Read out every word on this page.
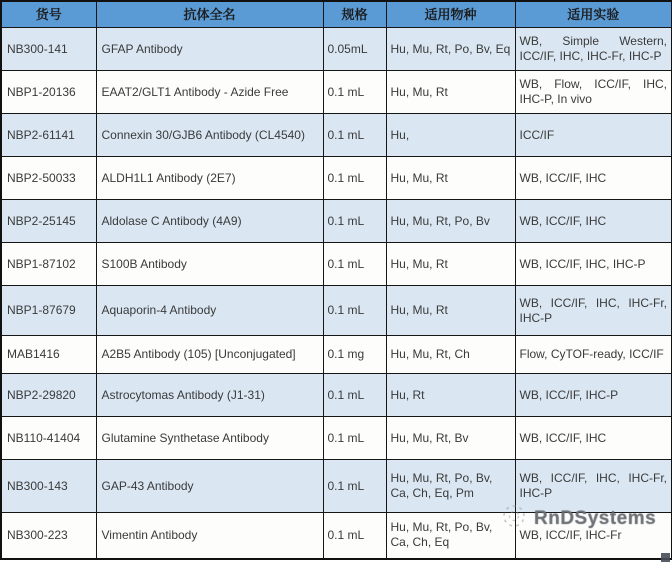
货号	抗体全名	规格	适用物种	适用实验
NB300-141	GFAP Antibody	0.05mL	Hu, Mu, Rt, Po, Bv, Eq	WB, Simple Western, ICC/IF, IHC, IHC-Fr, IHC-P
NBP1-20136	EAAT2/GLT1 Antibody - Azide Free	0.1 mL	Hu, Mu, Rt	WB, Flow, ICC/IF, IHC, IHC-P, In vivo
NBP2-61141	Connexin 30/GJB6 Antibody (CL4540)	0.1 mL	Hu,	ICC/IF
NBP2-50033	ALDH1L1 Antibody (2E7)	0.1 mL	Hu, Mu, Rt	WB, ICC/IF, IHC
NBP2-25145	Aldolase C Antibody (4A9)	0.1 mL	Hu, Mu, Rt, Po, Bv	WB, ICC/IF, IHC
NBP1-87102	S100B Antibody	0.1 mL	Hu, Mu, Rt	WB, ICC/IF, IHC, IHC-P
NBP1-87679	Aquaporin-4 Antibody	0.1 mL	Hu, Mu, Rt	WB, ICC/IF, IHC, IHC-Fr, IHC-P
MAB1416	A2B5 Antibody (105) [Unconjugated]	0.1 mg	Hu, Mu, Rt, Ch	Flow, CyTOF-ready, ICC/IF
NBP2-29820	Astrocytomas Antibody (J1-31)	0.1 mL	Hu, Rt	WB, ICC/IF, IHC-P
NB110-41404	Glutamine Synthetase Antibody	0.1 mL	Hu, Mu, Rt, Bv	WB, ICC/IF, IHC
NB300-143	GAP-43 Antibody	0.1 mL	Hu, Mu, Rt, Po, Bv, Ca, Ch, Eq, Pm	WB, ICC/IF, IHC, IHC-Fr, IHC-P
NB300-223	Vimentin Antibody	0.1 mL	Hu, Mu, Rt, Po, Bv, Ca, Ch, Eq	WB, ICC/IF, IHC-Fr
RnDSystems
